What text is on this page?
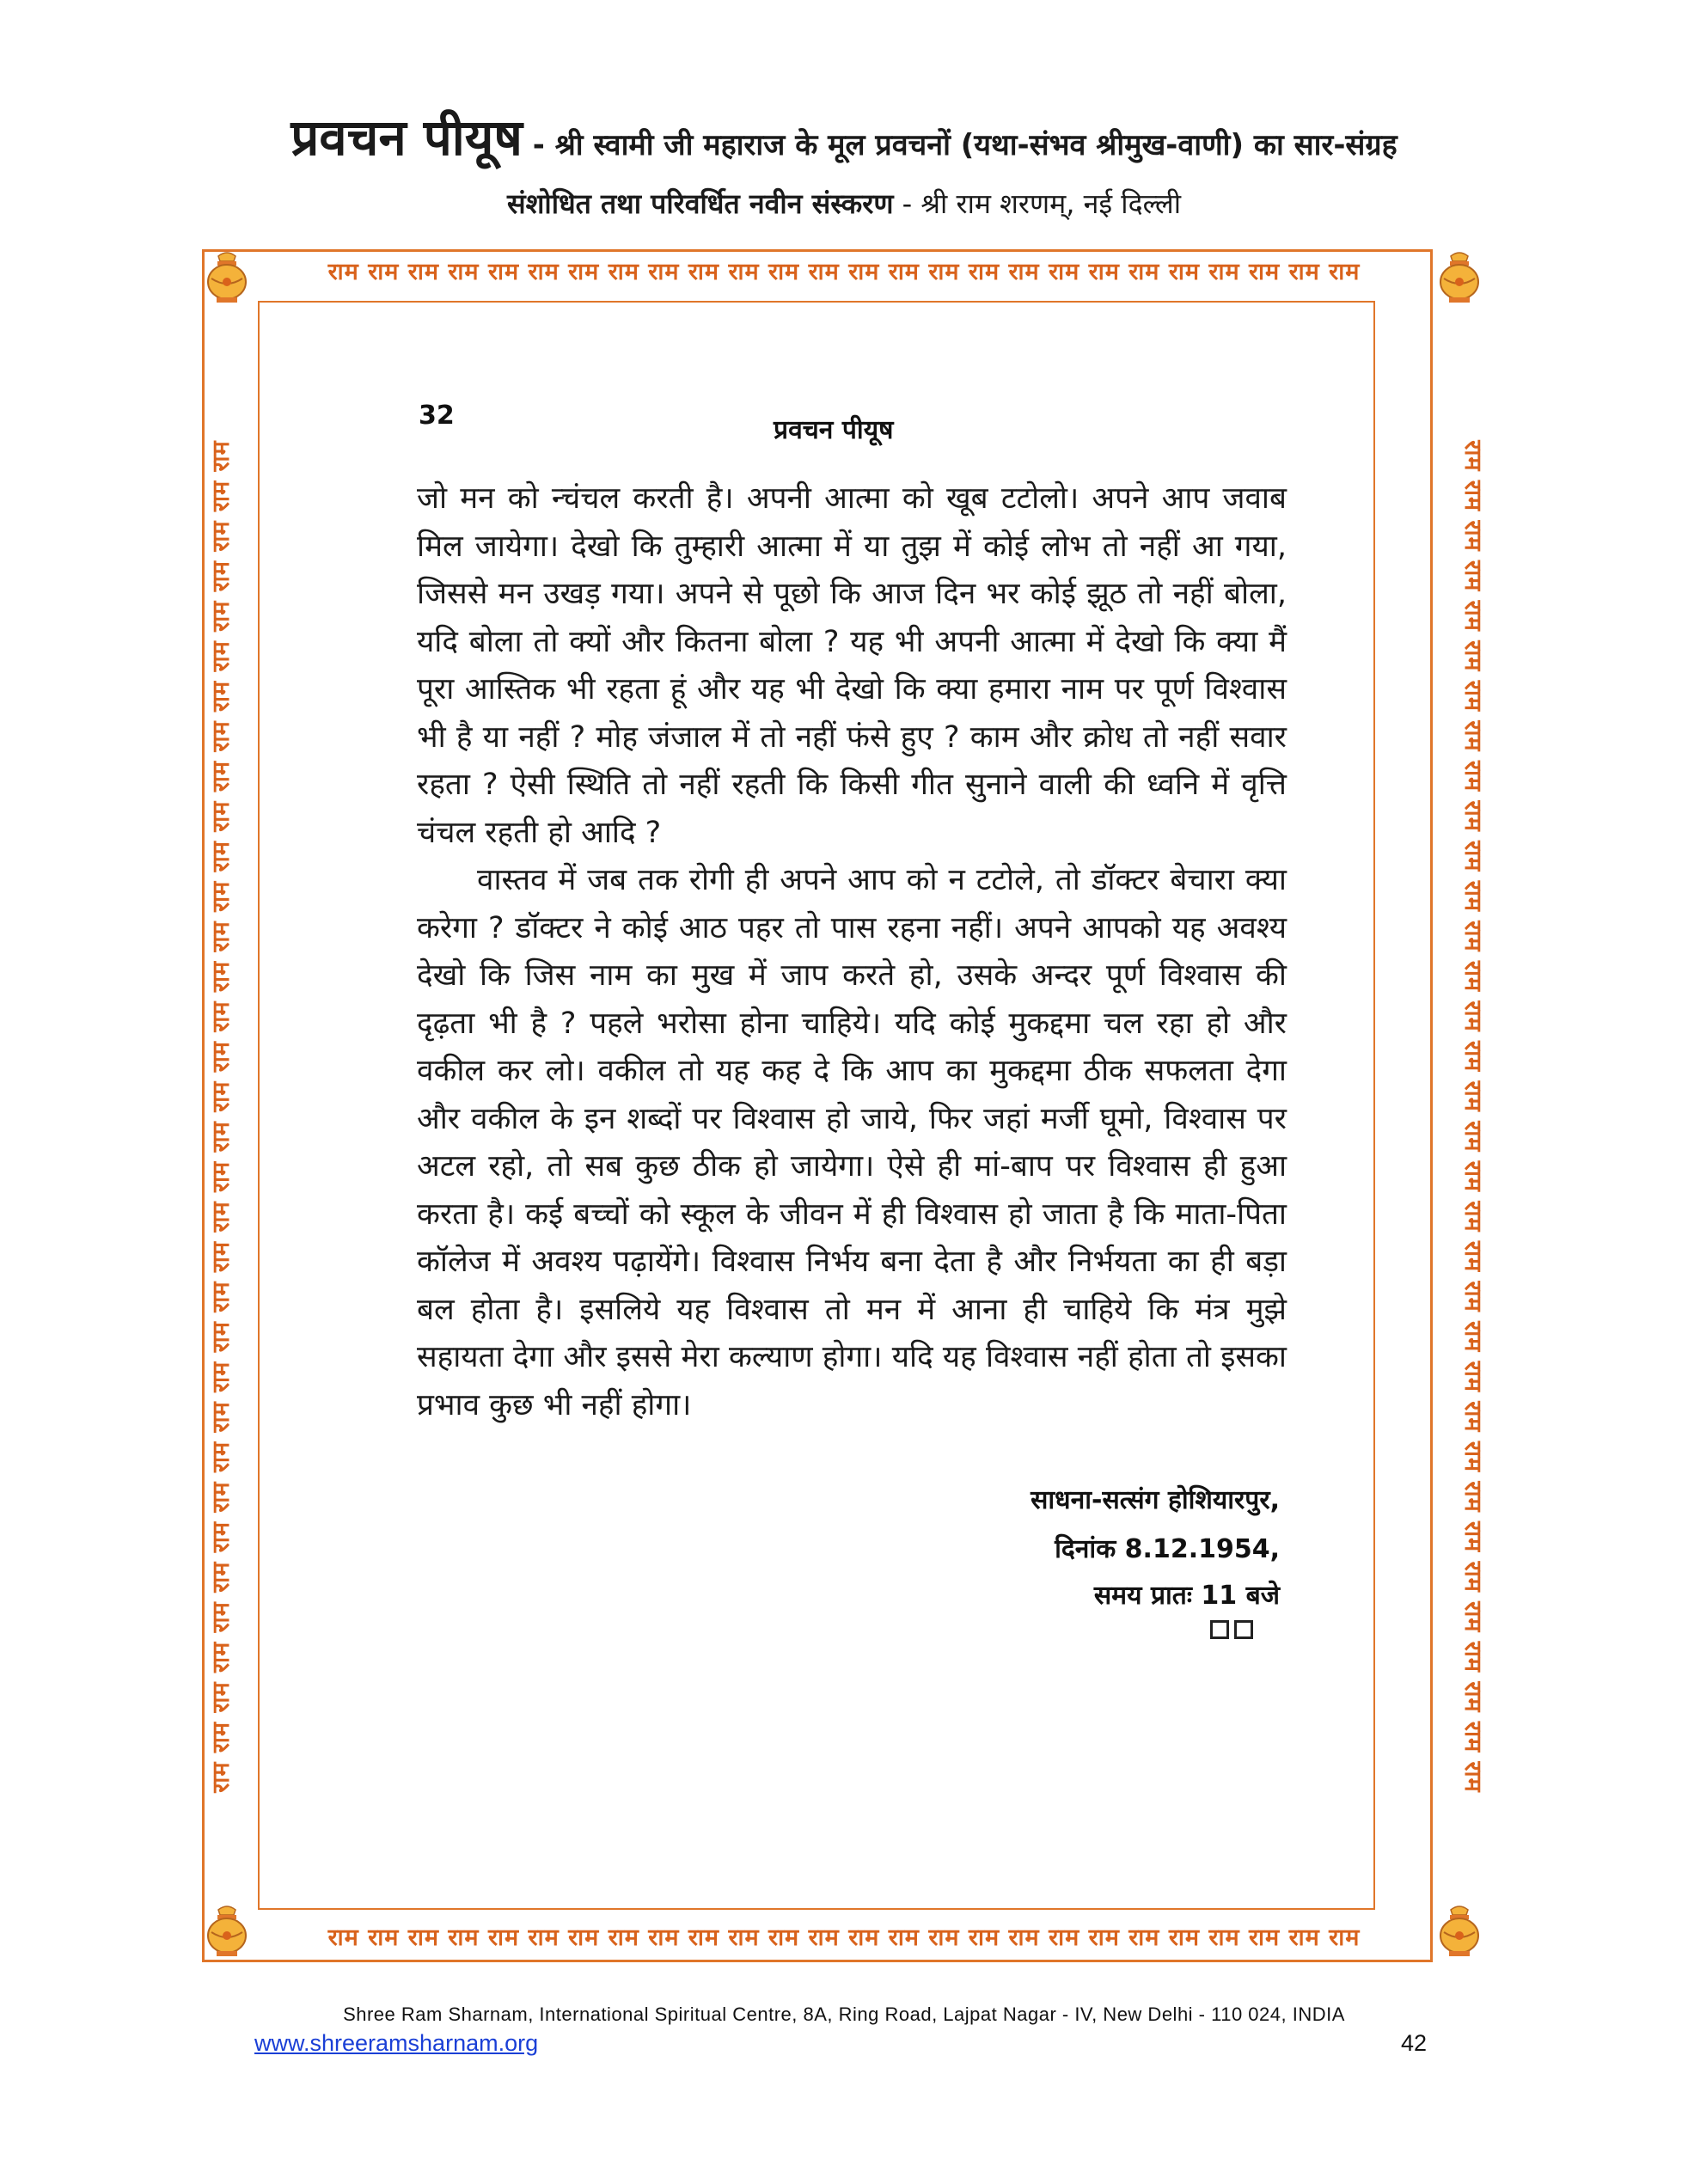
प्रवचन पीयूष - श्री स्वामी जी महाराज के मूल प्रवचनों (यथा-संभव श्रीमुख-वाणी) का सार-संग्रह
संशोधित तथा परिवर्धित नवीन संस्करण - श्री राम शरणम्, नई दिल्ली
राम राम राम राम राम राम राम राम राम राम राम राम राम राम राम राम राम राम राम राम राम राम राम राम राम राम
राम राम राम राम राम राम राम राम राम राम राम राम राम राम राम राम राम राम राम राम राम राम राम राम राम राम
राम राम राम राम राम राम राम राम राम राम राम राम राम राम राम राम राम राम राम राम राम राम राम राम राम राम राम राम राम राम राम राम राम राम	राम राम राम राम राम राम राम राम राम राम राम राम राम राम राम राम राम राम राम राम राम राम राम राम राम राम राम राम राम राम राम राम राम राम
32	प्रवचन पीयूष

जो मन को न्चंचल करती है। अपनी आत्मा को खूब टटोलो। अपने आप जवाब मिल जायेगा। देखो कि तुम्हारी आत्मा में या तुझ में कोई लोभ तो नहीं आ गया, जिससे मन उखड़ गया। अपने से पूछो कि आज दिन भर कोई झूठ तो नहीं बोला, यदि बोला तो क्यों और कितना बोला ? यह भी अपनी आत्मा में देखो कि क्या मैं पूरा आस्तिक भी रहता हूं और यह भी देखो कि क्या हमारा नाम पर पूर्ण विश्वास भी है या नहीं ? मोह जंजाल में तो नहीं फंसे हुए ? काम और क्रोध तो नहीं सवार रहता ? ऐसी स्थिति तो नहीं रहती कि किसी गीत सुनाने वाली की ध्वनि में वृत्ति चंचल रहती हो आदि ?

वास्तव में जब तक रोगी ही अपने आप को न टटोले, तो डॉक्टर बेचारा क्या करेगा ? डॉक्टर ने कोई आठ पहर तो पास रहना नहीं। अपने आपको यह अवश्य देखो कि जिस नाम का मुख में जाप करते हो, उसके अन्दर पूर्ण विश्वास की दृढ़ता भी है ? पहले भरोसा होना चाहिये। यदि कोई मुकद्दमा चल रहा हो और वकील कर लो। वकील तो यह कह दे कि आप का मुकद्दमा ठीक सफलता देगा और वकील के इन शब्दों पर विश्वास हो जाये, फिर जहां मर्जी घूमो, विश्वास पर अटल रहो, तो सब कुछ ठीक हो जायेगा। ऐसे ही मां-बाप पर विश्वास ही हुआ करता है। कई बच्चों को स्कूल के जीवन में ही विश्वास हो जाता है कि माता-पिता कॉलेज में अवश्य पढ़ायेंगे। विश्वास निर्भय बना देता है और निर्भयता का ही बड़ा बल होता है। इसलिये यह विश्वास तो मन में आना ही चाहिये कि मंत्र मुझे सहायता देगा और इससे मेरा कल्याण होगा। यदि यह विश्वास नहीं होता तो इसका प्रभाव कुछ भी नहीं होगा।

साधना-सत्संग होशियारपुर,
दिनांक 8.12.1954,
समय प्रातः 11 बजे
Shree Ram Sharnam, International Spiritual Centre, 8A, Ring Road, Lajpat Nagar - IV, New Delhi - 110 024, INDIA
www.shreeramsharnam.org	42
